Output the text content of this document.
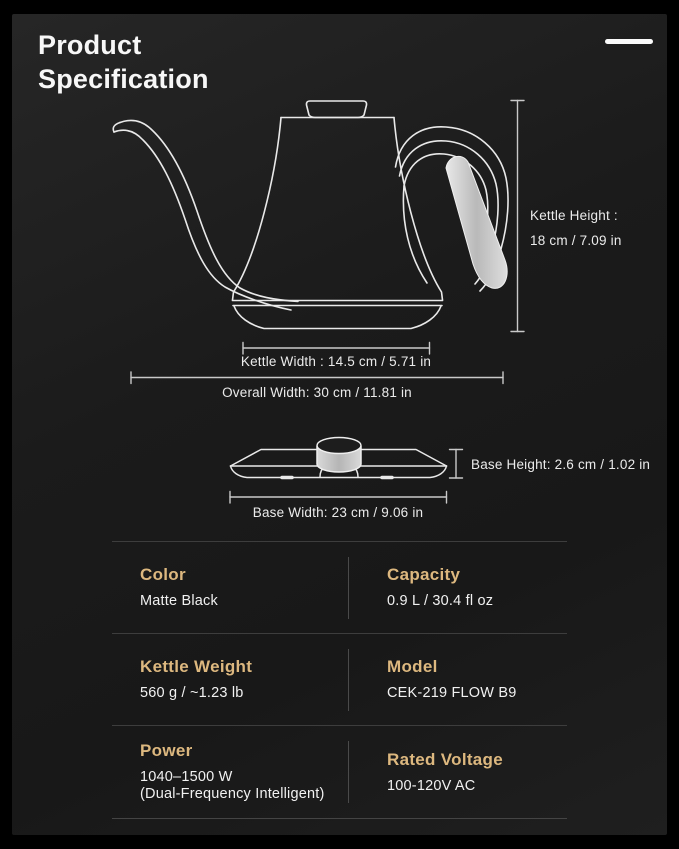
Product
Specification
Kettle Height :
18 cm / 7.09 in
Kettle Width : 14.5 cm / 5.71 in
Overall Width: 30 cm / 11.81 in
Base Height: 2.6 cm / 1.02 in
Base Width: 23 cm / 9.06 in
Color
Matte Black
Capacity
0.9 L / 30.4 fl oz
Kettle Weight
560 g / ~1.23 lb
Model
CEK-219 FLOW B9
Power
1040–1500 W
(Dual-Frequency Intelligent)
Rated Voltage
100-120V AC
